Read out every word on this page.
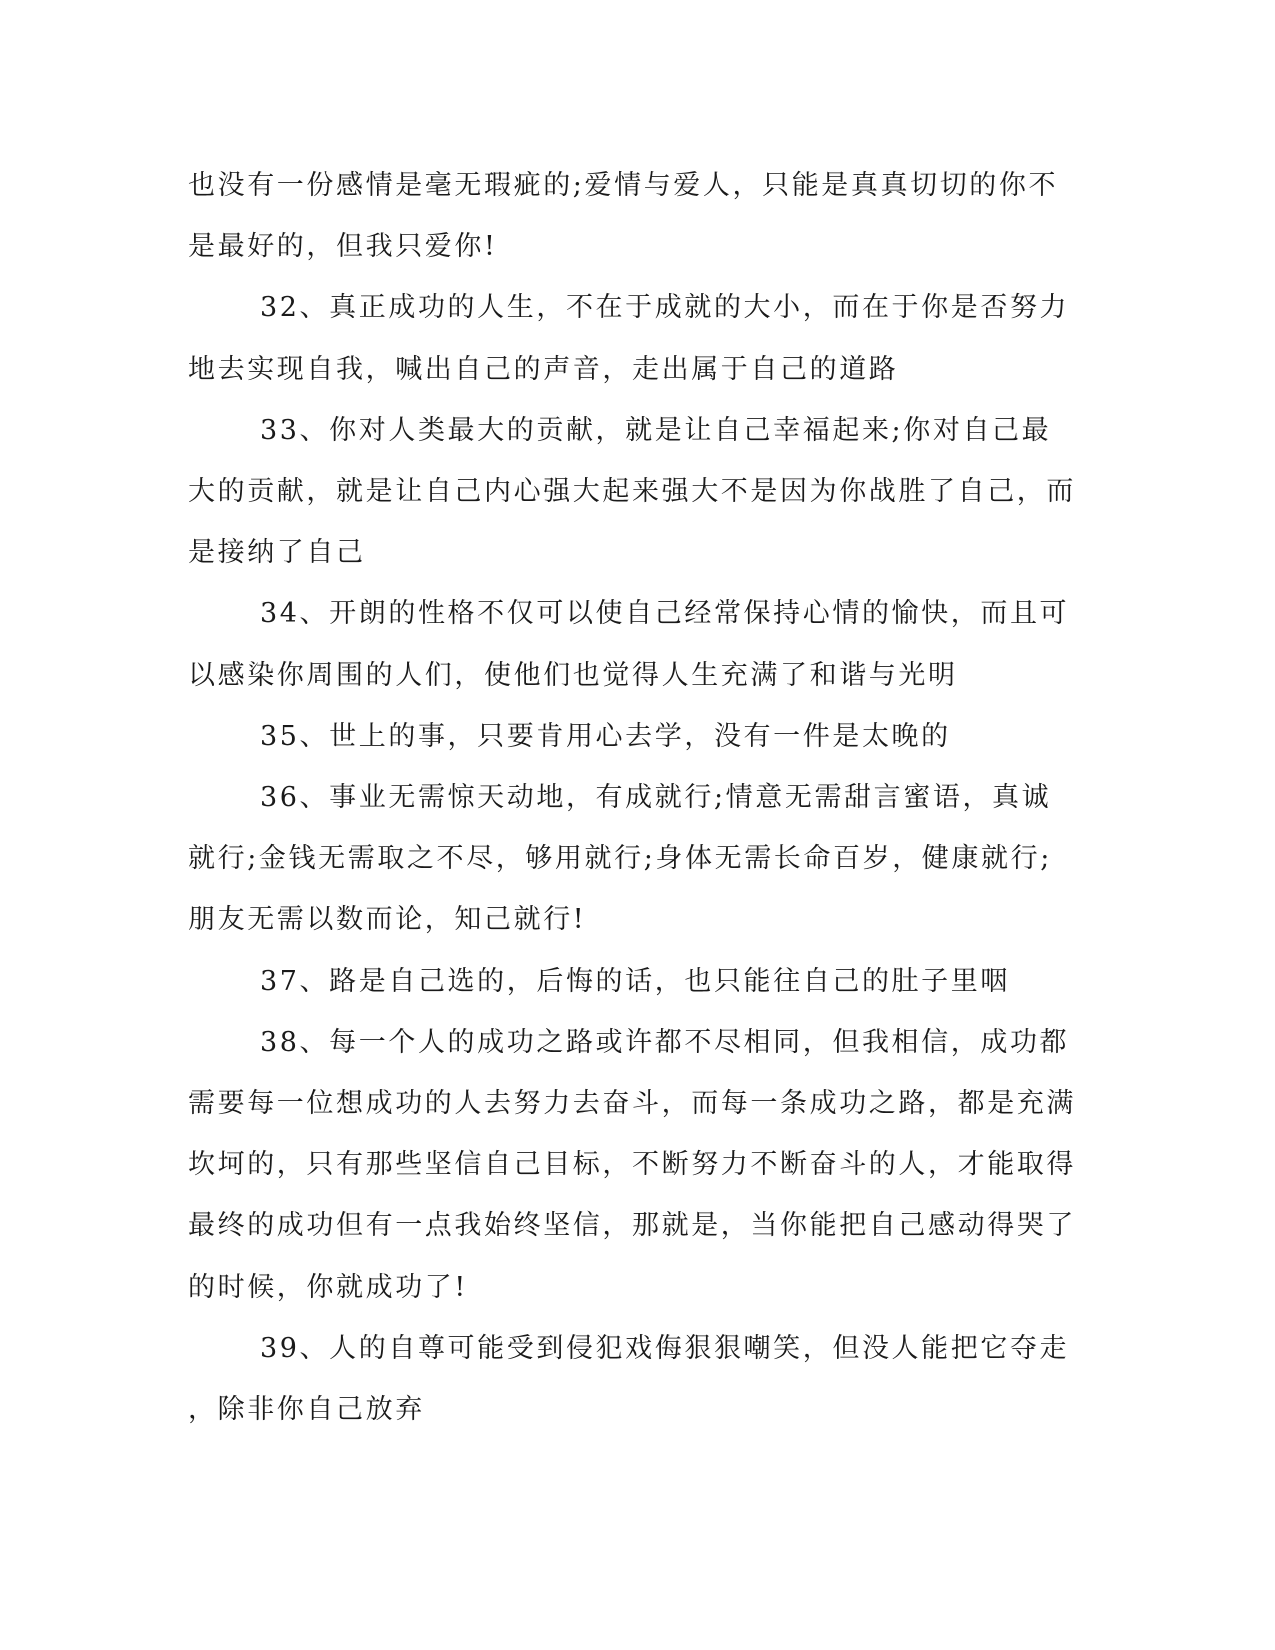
也没有一份感情是毫无瑕疵的;爱情与爱人，只能是真真切切的你不是最好的，但我只爱你!

32、真正成功的人生，不在于成就的大小，而在于你是否努力地去实现自我，喊出自己的声音，走出属于自己的道路

33、你对人类最大的贡献，就是让自己幸福起来;你对自己最大的贡献，就是让自己内心强大起来强大不是因为你战胜了自己，而是接纳了自己

34、开朗的性格不仅可以使自己经常保持心情的愉快，而且可以感染你周围的人们，使他们也觉得人生充满了和谐与光明

35、世上的事，只要肯用心去学，没有一件是太晚的

36、事业无需惊天动地，有成就行;情意无需甜言蜜语，真诚就行;金钱无需取之不尽，够用就行;身体无需长命百岁，健康就行;朋友无需以数而论，知己就行!

37、路是自己选的，后悔的话，也只能往自己的肚子里咽

38、每一个人的成功之路或许都不尽相同，但我相信，成功都需要每一位想成功的人去努力去奋斗，而每一条成功之路，都是充满坎坷的，只有那些坚信自己目标，不断努力不断奋斗的人，才能取得最终的成功但有一点我始终坚信，那就是，当你能把自己感动得哭了的时候，你就成功了!

39、人的自尊可能受到侵犯戏侮狠狠嘲笑，但没人能把它夺走，除非你自己放弃
